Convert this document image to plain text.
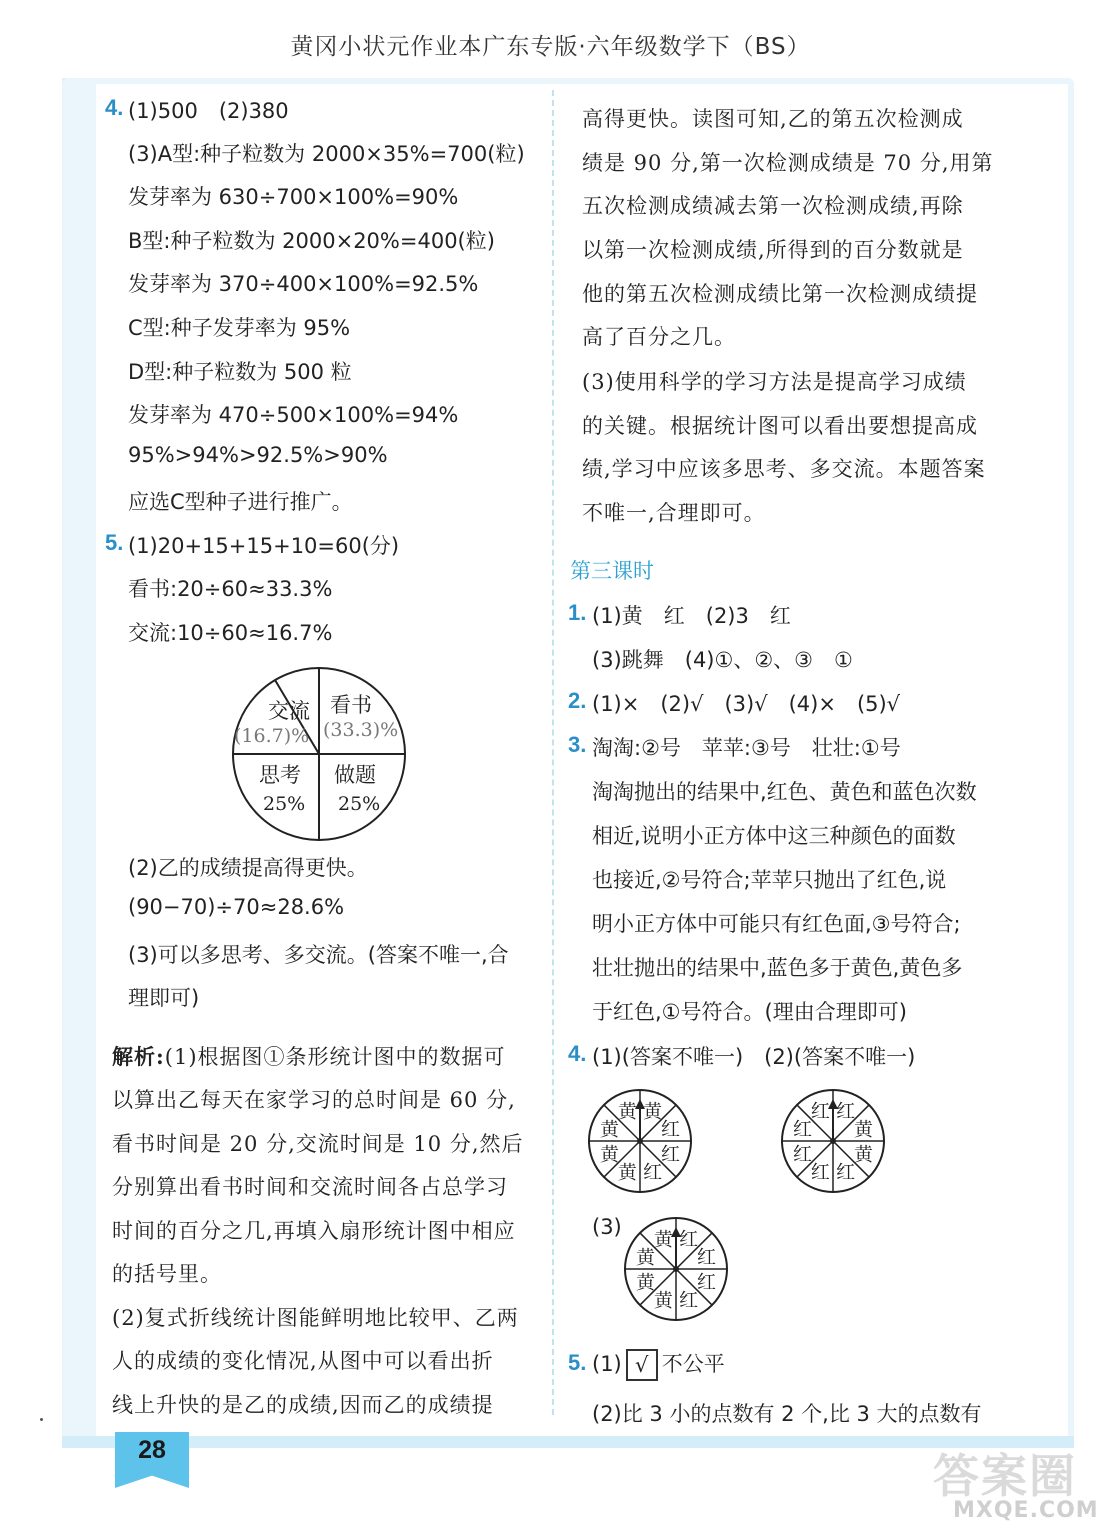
黄冈小状元作业本广东专版·六年级数学下（BS）
4. (1)500　(2)380
(3)A型:种子粒数为 2000×35%=700(粒)
发芽率为 630÷700×100%=90%
B型:种子粒数为 2000×20%=400(粒)
发芽率为 370÷400×100%=92.5%
C型:种子发芽率为 95%
D型:种子粒数为 500 粒
发芽率为 470÷500×100%=94%
95%>94%>92.5%>90%
应选C型种子进行推广。
5. (1)20+15+15+10=60(分)
看书:20÷60≈33.3%
交流:10÷60≈16.7%
交流
(16.7)%
看书
(33.3)%
思考
25%
做题
25%
(2)乙的成绩提高得更快。
(90−70)÷70≈28.6%
(3)可以多思考、多交流。(答案不唯一,合
理即可)
解析:(1)根据图①条形统计图中的数据可
以算出乙每天在家学习的总时间是 60 分,
看书时间是 20 分,交流时间是 10 分,然后
分别算出看书时间和交流时间各占总学习
时间的百分之几,再填入扇形统计图中相应
的括号里。
(2)复式折线统计图能鲜明地比较甲、乙两
人的成绩的变化情况,从图中可以看出折
线上升快的是乙的成绩,因而乙的成绩提
高得更快。读图可知,乙的第五次检测成
绩是 90 分,第一次检测成绩是 70 分,用第
五次检测成绩减去第一次检测成绩,再除
以第一次检测成绩,所得到的百分数就是
他的第五次检测成绩比第一次检测成绩提
高了百分之几。
(3)使用科学的学习方法是提高学习成绩
的关键。根据统计图可以看出要想提高成
绩,学习中应该多思考、多交流。本题答案
不唯一,合理即可。
第三课时
1. (1)黄　红　(2)3　红
(3)跳舞　(4)①、②、③　①
2. (1)×　(2)√　(3)√　(4)×　(5)√
3. 淘淘:②号　苹苹:③号　壮壮:①号
淘淘抛出的结果中,红色、黄色和蓝色次数
相近,说明小正方体中这三种颜色的面数
也接近,②号符合;苹苹只抛出了红色,说
明小正方体中可能只有红色面,③号符合;
壮壮抛出的结果中,蓝色多于黄色,黄色多
于红色,①号符合。(理由合理即可)
4. (1)(答案不唯一)　(2)(答案不唯一)
黄
红
红
红
黄
黄
黄
黄	红
黄
黄
红
红
红
红
红
(3)
红
红
红
红
黄
黄
黄
黄
5. (1) √ 不公平
(2)比 3 小的点数有 2 个,比 3 大的点数有
28	答案圈
MXQE.COM
